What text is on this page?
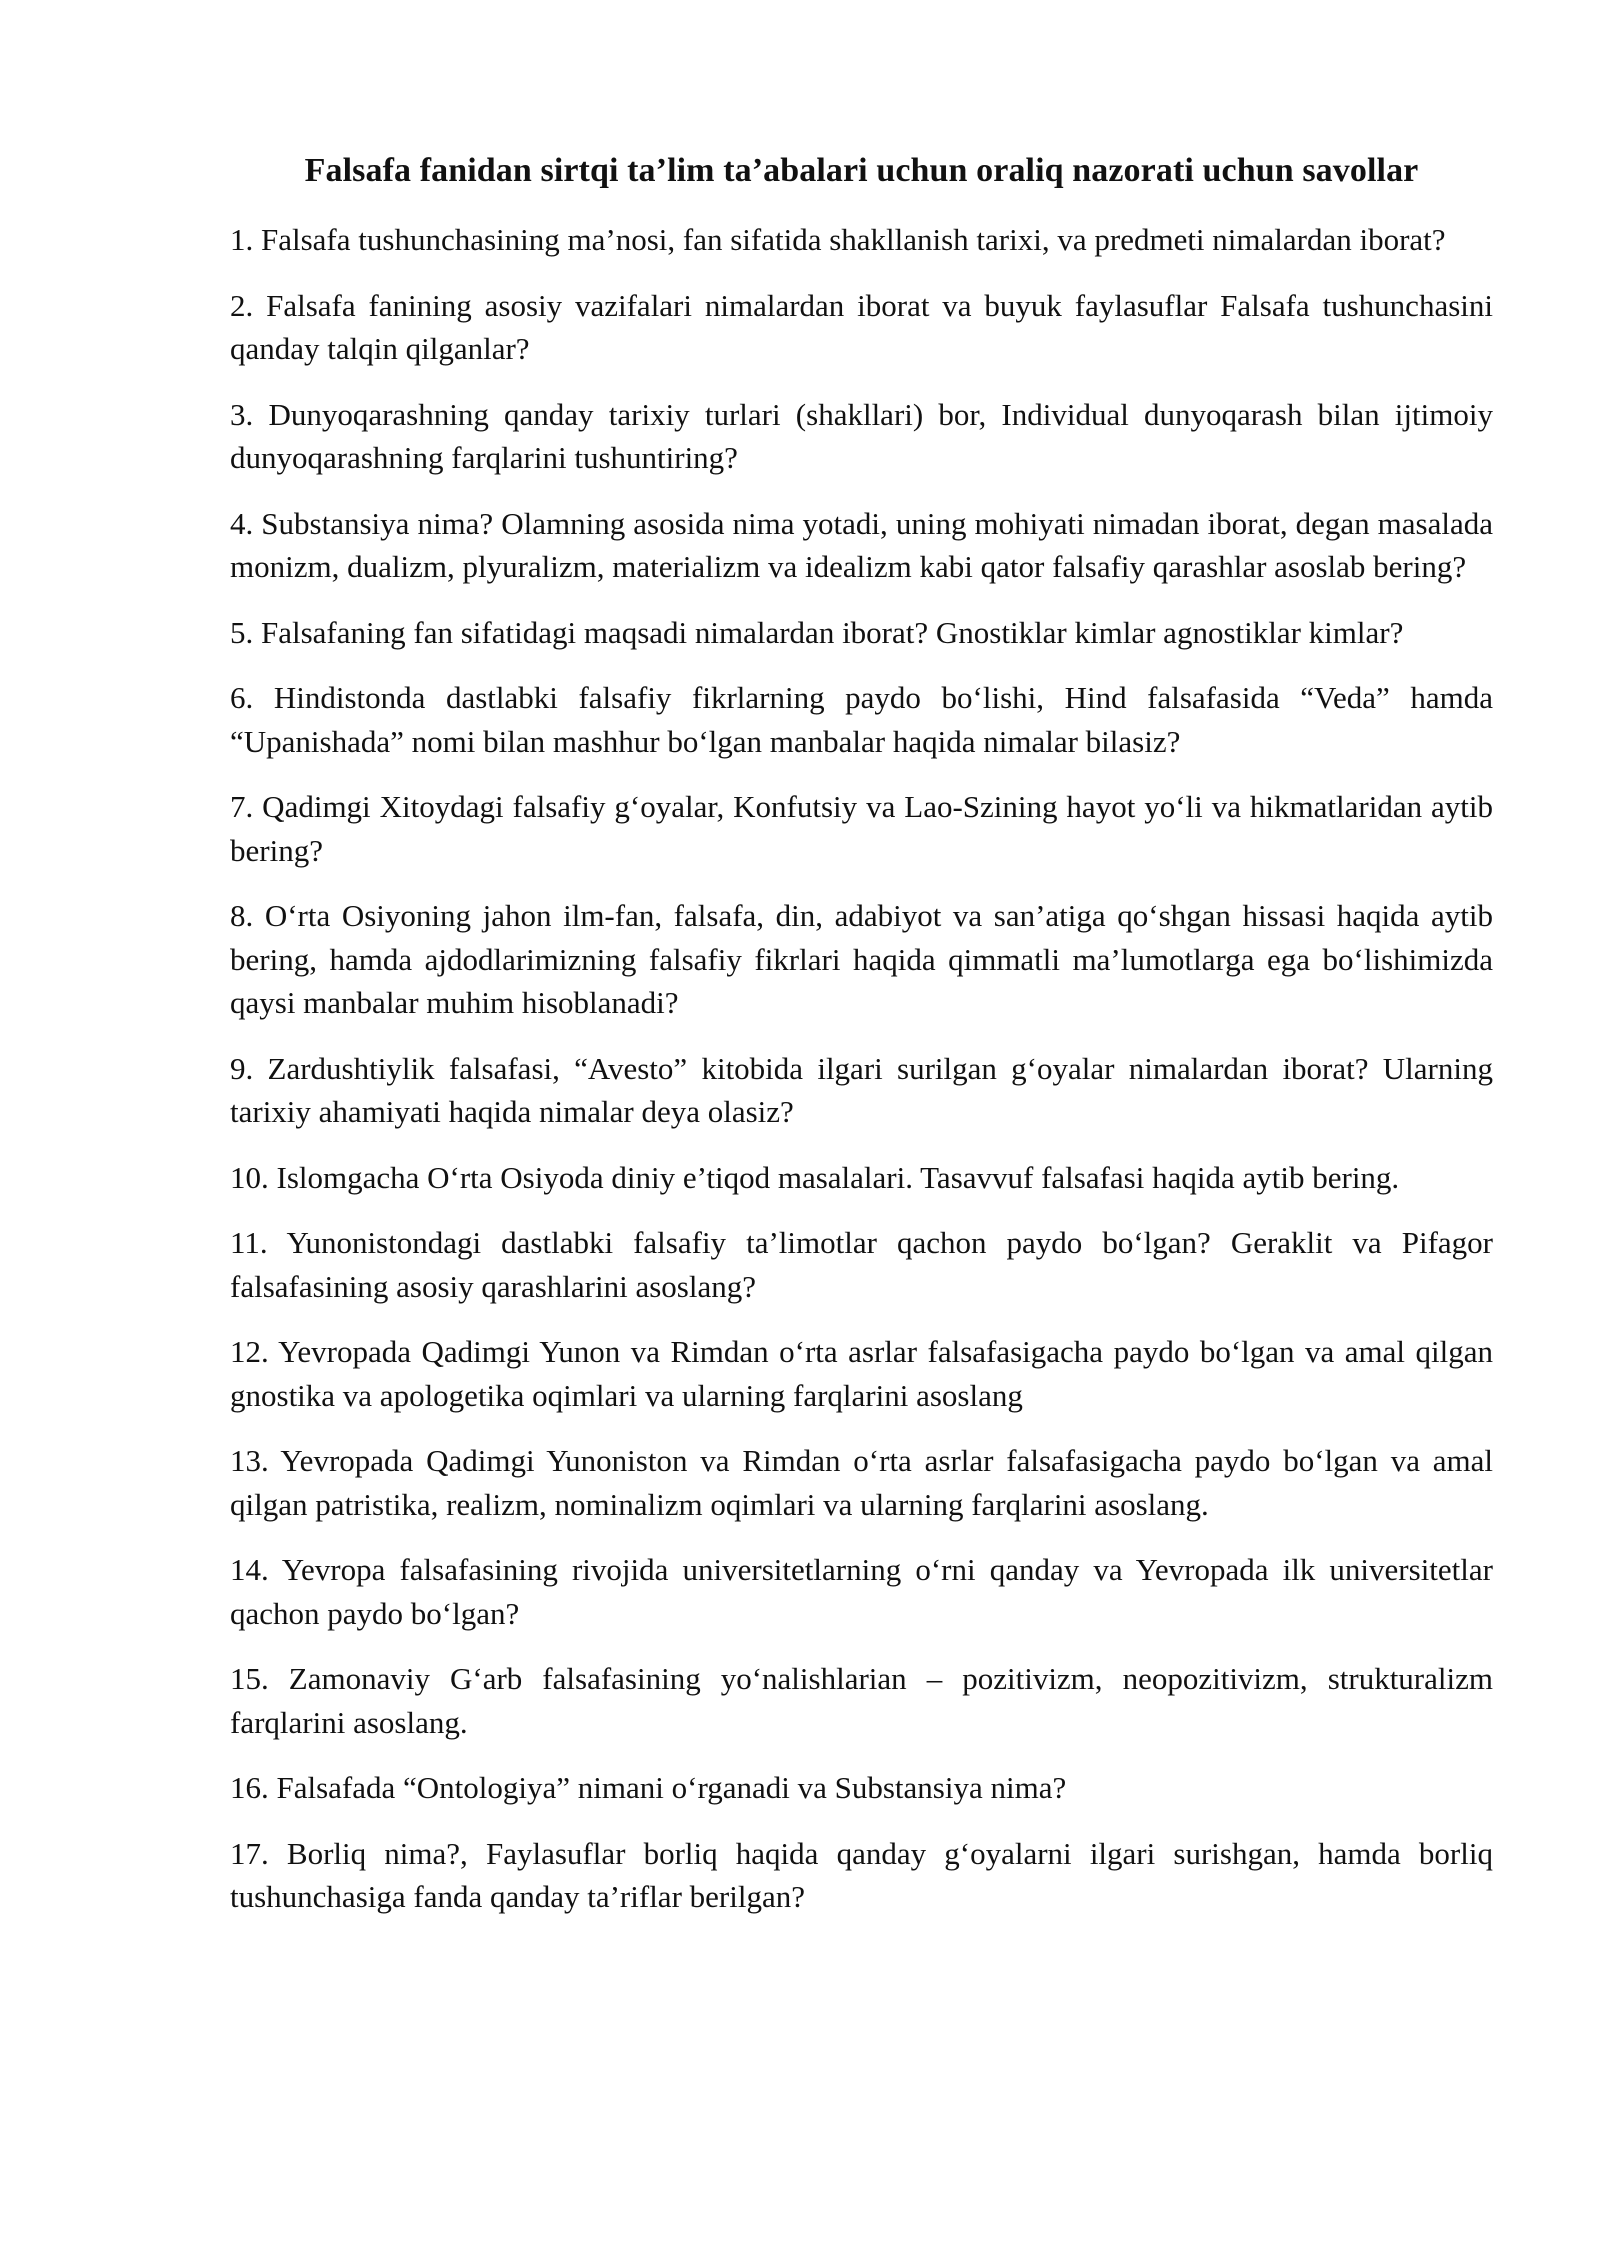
Falsafa fanidan sirtqi ta’lim ta’abalari uchun oraliq nazorati uchun savollar
1. Falsafa tushunchasining ma’nosi, fan sifatida shakllanish tarixi, va predmeti nimalardan iborat?
2. Falsafa fanining asosiy vazifalari nimalardan iborat va buyuk faylasuflar Falsafa tushunchasini qanday talqin qilganlar?
3. Dunyoqarashning qanday tarixiy turlari (shakllari) bor, Individual dunyoqarash bilan ijtimoiy dunyoqarashning farqlarini tushuntiring?
4. Substansiya nima? Olamning asosida nima yotadi, uning mohiyati nimadan iborat, degan masalada monizm, dualizm, plyuralizm, materializm va idealizm kabi qator falsafiy qarashlar asoslab bering?
5. Falsafaning fan sifatidagi maqsadi nimalardan iborat? Gnostiklar kimlar agnostiklar kimlar?
6. Hindistonda dastlabki falsafiy fikrlarning paydo bo‘lishi, Hind falsafasida “Veda” hamda “Upanishada” nomi bilan mashhur bo‘lgan manbalar haqida nimalar bilasiz?
7. Qadimgi Xitoydagi falsafiy g‘oyalar, Konfutsiy va Lao-Szining hayot yo‘li va hikmatlaridan aytib bering?
8. O‘rta Osiyoning jahon ilm-fan, falsafa, din, adabiyot va san’atiga qo‘shgan hissasi haqida aytib bering, hamda ajdodlarimizning falsafiy fikrlari haqida qimmatli ma’lumotlarga ega bo‘lishimizda qaysi manbalar muhim hisoblanadi?
9. Zardushtiylik falsafasi, “Avesto” kitobida ilgari surilgan g‘oyalar nimalardan iborat? Ularning tarixiy ahamiyati haqida nimalar deya olasiz?
10. Islomgacha O‘rta Osiyoda diniy e’tiqod masalalari. Tasavvuf falsafasi haqida aytib bering.
11. Yunonistondagi dastlabki falsafiy ta’limotlar qachon paydo bo‘lgan? Geraklit va Pifagor falsafasining asosiy qarashlarini asoslang?
12. Yevropada Qadimgi Yunon va Rimdan o‘rta asrlar falsafasigacha paydo bo‘lgan va amal qilgan gnostika va apologetika oqimlari va ularning farqlarini asoslang
13. Yevropada Qadimgi Yunoniston va Rimdan o‘rta asrlar falsafasigacha paydo bo‘lgan va amal qilgan patristika, realizm, nominalizm oqimlari va ularning farqlarini asoslang.
14. Yevropa falsafasining rivojida universitetlarning o‘rni qanday va Yevropada ilk universitetlar qachon paydo bo‘lgan?
15. Zamonaviy G‘arb falsafasining yo‘nalishlarian – pozitivizm, neopozitivizm, strukturalizm farqlarini asoslang.
16. Falsafada “Ontologiya” nimani o‘rganadi va Substansiya nima?
17. Borliq nima?, Faylasuflar borliq haqida qanday g‘oyalarni ilgari surishgan, hamda borliq tushunchasiga fanda qanday ta’riflar berilgan?
